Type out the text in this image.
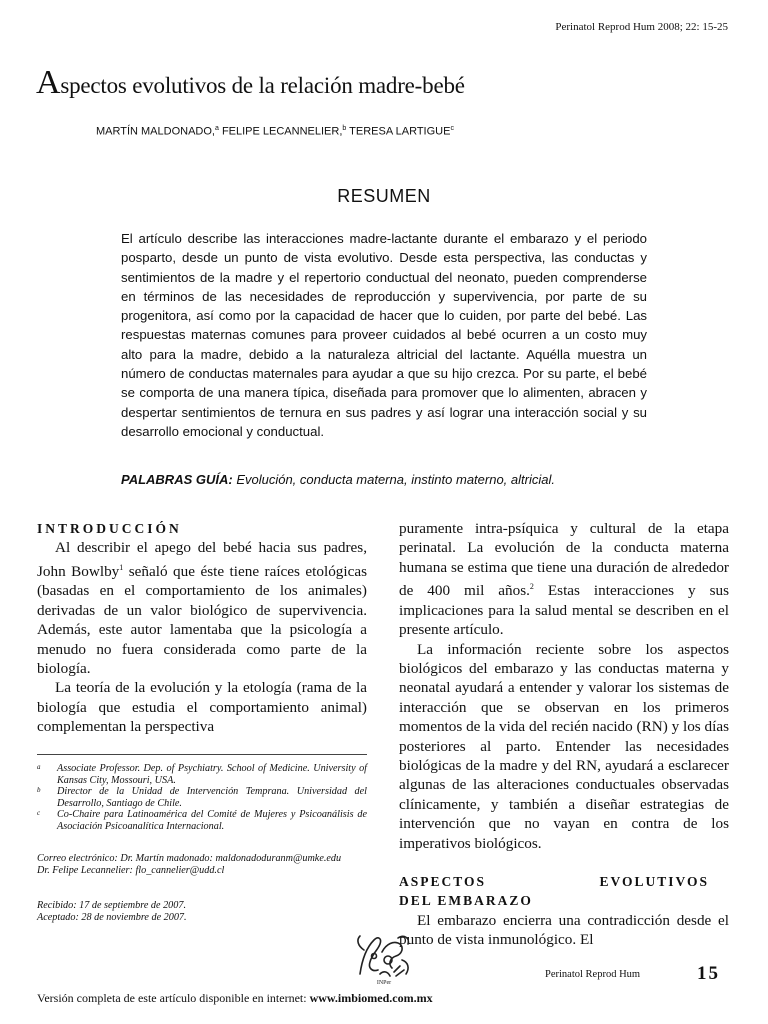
Perinatol Reprod Hum 2008; 22: 15-25
Aspectos evolutivos de la relación madre-bebé
MARTÍN MALDONADO,$^a$ FELIPE LECANNELIER,$^b$ TERESA LARTIGUE$^c$
RESUMEN
El artículo describe las interacciones madre-lactante durante el embarazo y el periodo posparto, desde un punto de vista evolutivo. Desde esta perspectiva, las conductas y sentimientos de la madre y el repertorio conductual del neonato, pueden comprenderse en términos de las necesidades de reproducción y supervivencia, por parte de su progenitora, así como por la capacidad de hacer que lo cuiden, por parte del bebé. Las respuestas maternas comunes para proveer cuidados al bebé ocurren a un costo muy alto para la madre, debido a la naturaleza altricial del lactante. Aquélla muestra un número de conductas maternales para ayudar a que su hijo crezca. Por su parte, el bebé se comporta de una manera típica, diseñada para promover que lo alimenten, abracen y despertar sentimientos de ternura en sus padres y así lograr una interacción social y su desarrollo emocional y conductual.
PALABRAS GUÍA: Evolución, conducta materna, instinto materno, altricial.

INTRODUCCIÓN

Al describir el apego del bebé hacia sus padres, John Bowlby$^1$ señaló que éste tiene raíces etológicas (basadas en el comportamiento de los animales) derivadas de un valor biológico de supervivencia. Además, este autor lamentaba que la psicología a menudo no fuera considerada como parte de la biología.

La teoría de la evolución y la etología (rama de la biología que estudia el comportamiento animal) complementan la perspectiva

puramente intra-psíquica y cultural de la etapa perinatal. La evolución de la conducta materna humana se estima que tiene una duración de alrededor de 400 mil años.$^2$ Estas interacciones y sus implicaciones para la salud mental se describen en el presente artículo.

La información reciente sobre los aspectos biológicos del embarazo y las conductas materna y neonatal ayudará a entender y valorar los sistemas de interacción que se observan en los primeros momentos de la vida del recién nacido (RN) y los días posteriores al parto. Entender las necesidades biológicas de la madre y del RN, ayudará a esclarecer algunas de las alteraciones conductuales observadas clínicamente, y también a diseñar estrategias de intervención que no vayan en contra de los imperativos biológicos.

ASPECTOS EVOLUTIVOS
DEL EMBARAZO

El embarazo encierra una contradicción desde el punto de vista inmunológico. El

a Associate Professor. Dep. of Psychiatry. School of Medicine. University of Kansas City, Mossouri, USA.

b Director de la Unidad de Intervención Temprana. Universidad del Desarrollo, Santiago de Chile.

c Co-Chaire para Latinoamérica del Comité de Mujeres y Psicoanálisis de Asociación Psicoanalítica Internacional.

Correo electrónico: Dr. Martín madonado: maldonadoduranm@umke.edu

Dr. Felipe Lecannelier: flo_cannelier@udd.cl

Recibido: 17 de septiembre de 2007.

Aceptado: 28 de noviembre de 2007.

INPer
Perinatol Reprod Hum	15
Versión completa de este artículo disponible en internet: www.imbiomed.com.mx
